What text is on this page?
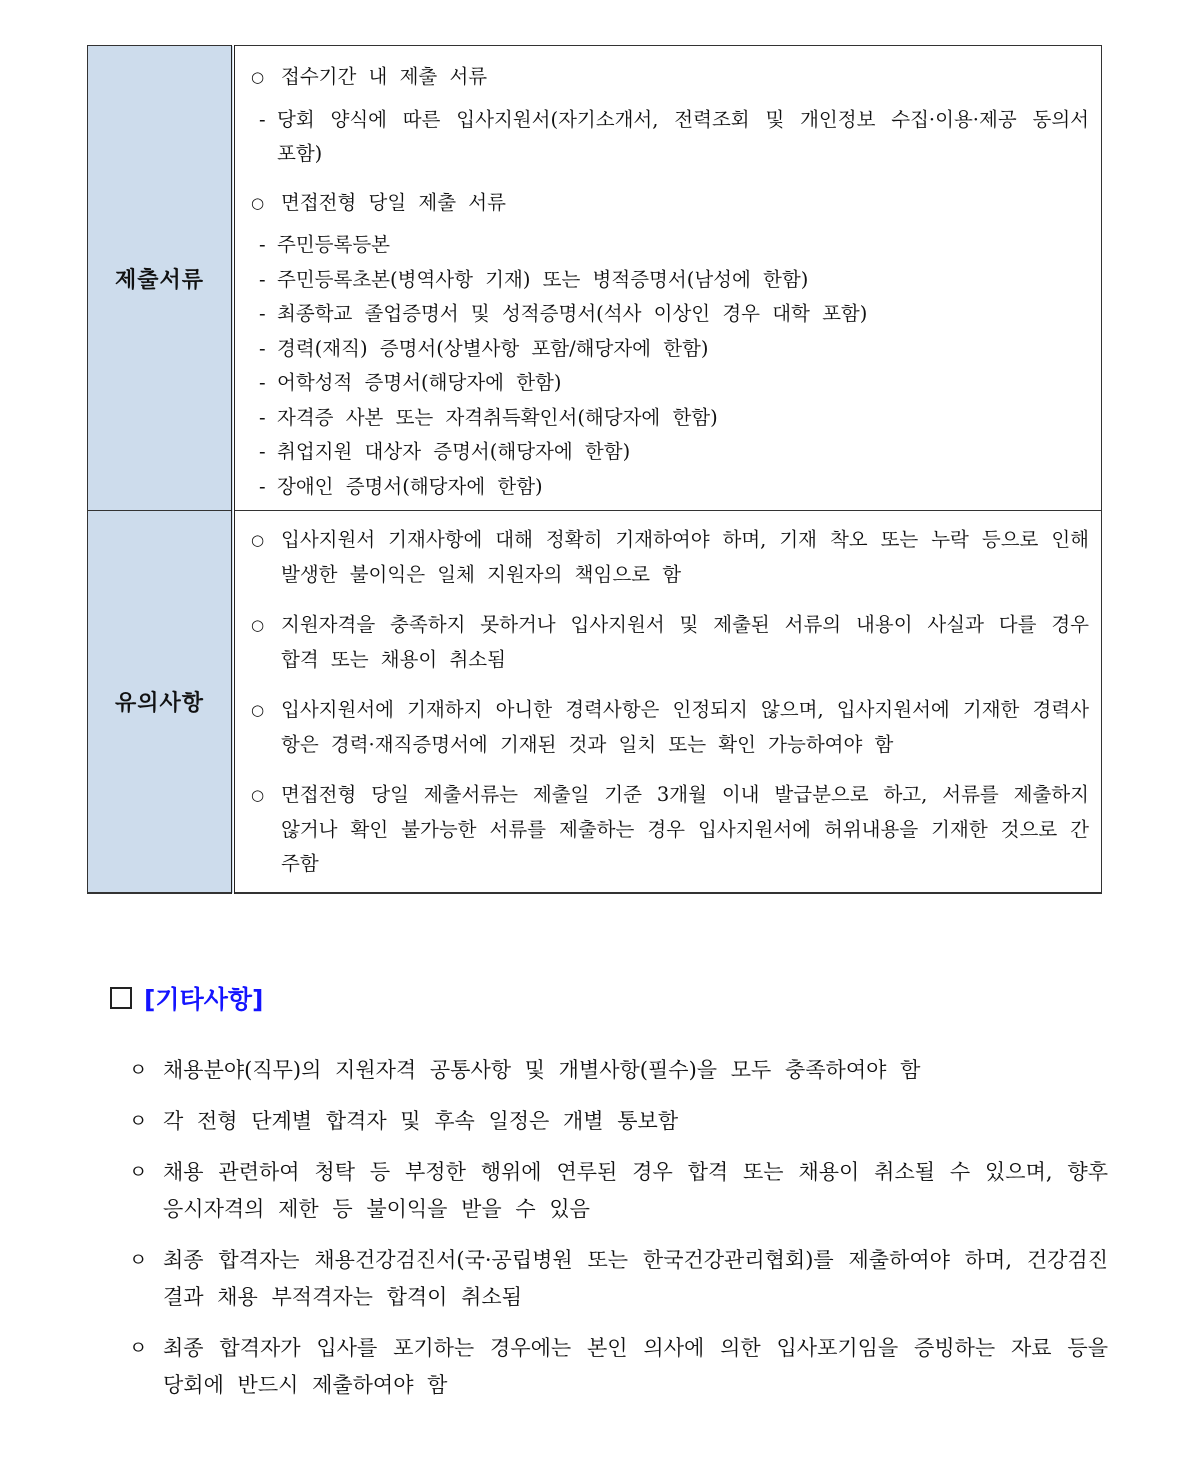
제출서류	
○ 접수기간 내 제출 서류
- 당회 양식에 따른 입사지원서(자기소개서, 전력조회 및 개인정보 수집·이용·제공 동의서 포함)
○ 면접전형 당일 제출 서류
- 주민등록등본
- 주민등록초본(병역사항 기재) 또는 병적증명서(남성에 한함)
- 최종학교 졸업증명서 및 성적증명서(석사 이상인 경우 대학 포함)
- 경력(재직) 증명서(상별사항 포함/해당자에 한함)
- 어학성적 증명서(해당자에 한함)
- 자격증 사본 또는 자격취득확인서(해당자에 한함)
- 취업지원 대상자 증명서(해당자에 한함)
- 장애인 증명서(해당자에 한함)

유의사항	
○ 입사지원서 기재사항에 대해 정확히 기재하여야 하며, 기재 착오 또는 누락 등으로 인해 발생한 불이익은 일체 지원자의 책임으로 함
○ 지원자격을 충족하지 못하거나 입사지원서 및 제출된 서류의 내용이 사실과 다를 경우 합격 또는 채용이 취소됨
○ 입사지원서에 기재하지 아니한 경력사항은 인정되지 않으며, 입사지원서에 기재한 경력사항은 경력·재직증명서에 기재된 것과 일치 또는 확인 가능하여야 함
○ 면접전형 당일 제출서류는 제출일 기준 3개월 이내 발급분으로 하고, 서류를 제출하지 않거나 확인 불가능한 서류를 제출하는 경우 입사지원서에 허위내용을 기재한 것으로 간주함
[기타사항]
ㅇ 채용분야(직무)의 지원자격 공통사항 및 개별사항(필수)을 모두 충족하여야 함
ㅇ 각 전형 단계별 합격자 및 후속 일정은 개별 통보함
ㅇ 채용 관련하여 청탁 등 부정한 행위에 연루된 경우 합격 또는 채용이 취소될 수 있으며, 향후 응시자격의 제한 등 불이익을 받을 수 있음
ㅇ 최종 합격자는 채용건강검진서(국·공립병원 또는 한국건강관리협회)를 제출하여야 하며, 건강검진결과 채용 부적격자는 합격이 취소됨
ㅇ 최종 합격자가 입사를 포기하는 경우에는 본인 의사에 의한 입사포기임을 증빙하는 자료 등을 당회에 반드시 제출하여야 함
